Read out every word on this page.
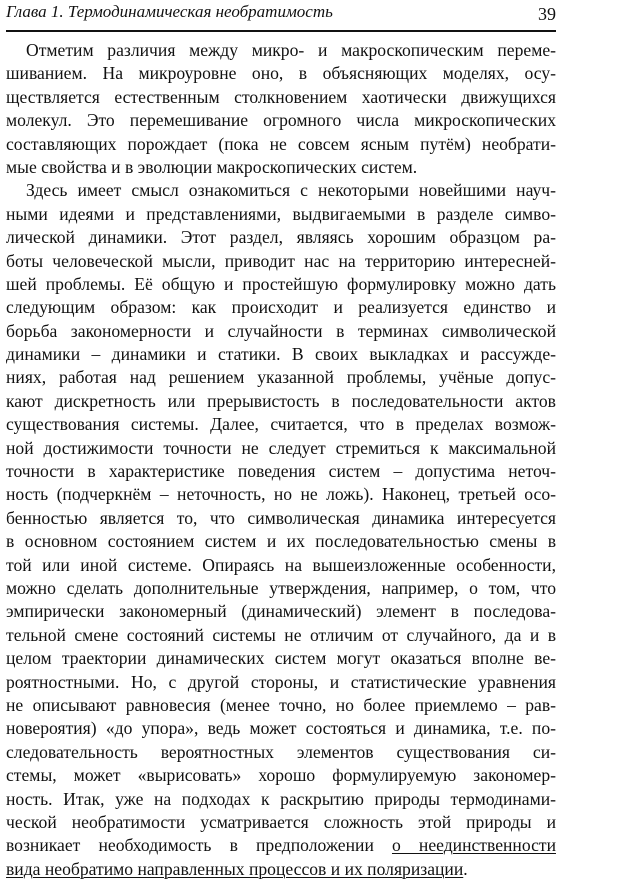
Глава 1. Термодинамическая необратимость	39
Отметим различия между микро- и макроскопическим переме-
шиванием. На микроуровне оно, в объясняющих моделях, осу-
ществляется естественным столкновением хаотически движущихся
молекул. Это перемешивание огромного числа микроскопических
составляющих порождает (пока не совсем ясным путём) необрати-
мые свойства и в эволюции макроскопических систем.
Здесь имеет смысл ознакомиться с некоторыми новейшими науч-
ными идеями и представлениями, выдвигаемыми в разделе симво-
лической динамики. Этот раздел, являясь хорошим образцом ра-
боты человеческой мысли, приводит нас на территорию интересней-
шей проблемы. Её общую и простейшую формулировку можно дать
следующим образом: как происходит и реализуется единство и
борьба закономерности и случайности в терминах символической
динамики – динамики и статики. В своих выкладках и рассужде-
ниях, работая над решением указанной проблемы, учёные допус-
кают дискретность или прерывистость в последовательности актов
существования системы. Далее, считается, что в пределах возмож-
ной достижимости точности не следует стремиться к максимальной
точности в характеристике поведения систем – допустима неточ-
ность (подчеркнём – неточность, но не ложь). Наконец, третьей осо-
бенностью является то, что символическая динамика интересуется
в основном состоянием систем и их последовательностью смены в
той или иной системе. Опираясь на вышеизложенные особенности,
можно сделать дополнительные утверждения, например, о том, что
эмпирически закономерный (динамический) элемент в последова-
тельной смене состояний системы не отличим от случайного, да и в
целом траектории динамических систем могут оказаться вполне ве-
роятностными. Но, с другой стороны, и статистические уравнения
не описывают равновесия (менее точно, но более приемлемо – рав-
новероятия) «до упора», ведь может состояться и динамика, т.е. по-
следовательность вероятностных элементов существования си-
стемы, может «вырисовать» хорошо формулируемую закономер-
ность. Итак, уже на подходах к раскрытию природы термодинами-
ческой необратимости усматривается сложность этой природы и
возникает необходимость в предположении о неединственности
вида необратимо направленных процессов и их поляризации.
